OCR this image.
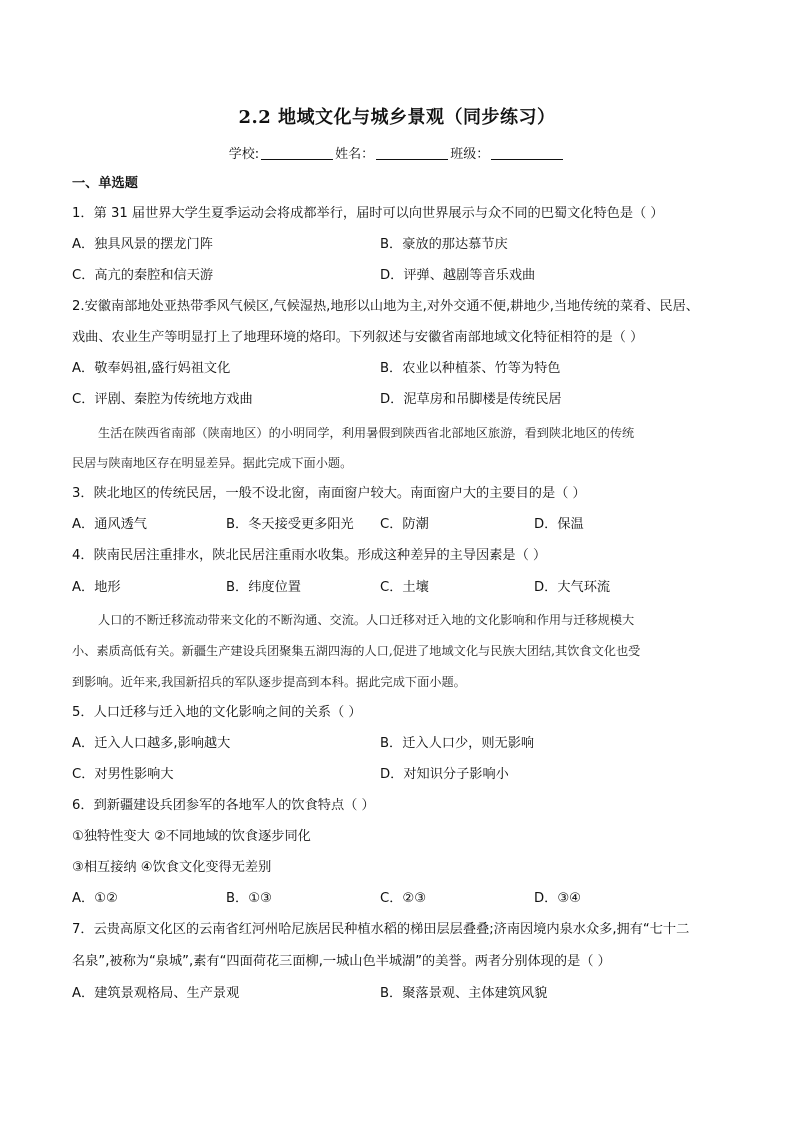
2.2 地域文化与城乡景观（同步练习）
学校:	姓名：	班级：
一、单选题
1．第 31 届世界大学生夏季运动会将成都举行，届时可以向世界展示与众不同的巴蜀文化特色是（ ）
A．独具风景的摆龙门阵	B．豪放的那达慕节庆
C．高亢的秦腔和信天游	D．评弹、越剧等音乐戏曲
2.安徽南部地处亚热带季风气候区,气候湿热,地形以山地为主,对外交通不便,耕地少,当地传统的菜肴、民居、
戏曲、农业生产等明显打上了地理环境的烙印。下列叙述与安徽省南部地域文化特征相符的是（ ）
A．敬奉妈祖,盛行妈祖文化	B．农业以种植茶、竹等为特色
C．评剧、秦腔为传统地方戏曲	D．泥草房和吊脚楼是传统民居
生活在陕西省南部（陕南地区）的小明同学，利用暑假到陕西省北部地区旅游，看到陕北地区的传统
民居与陕南地区存在明显差异。据此完成下面小题。
3．陕北地区的传统民居，一般不设北窗，南面窗户较大。南面窗户大的主要目的是（ ）
A．通风透气	B．冬天接受更多阳光 C．防潮	D．保温
4．陕南民居注重排水，陕北民居注重雨水收集。形成这种差异的主导因素是（ ）
A．地形	B．纬度位置	C．土壤	D．大气环流
人口的不断迁移流动带来文化的不断沟通、交流。人口迁移对迁入地的文化影响和作用与迁移规模大
小、素质高低有关。新疆生产建设兵团聚集五湖四海的人口,促进了地域文化与民族大团结,其饮食文化也受
到影响。近年来,我国新招兵的军队逐步提高到本科。据此完成下面小题。
5．人口迁移与迁入地的文化影响之间的关系（ ）
A．迁入人口越多,影响越大	B．迁入人口少，则无影响
C．对男性影响大	D．对知识分子影响小
6．到新疆建设兵团参军的各地军人的饮食特点（ ）
①独特性变大 ②不同地域的饮食逐步同化
③相互接纳 ④饮食文化变得无差别
A．①②	B．①③	C．②③	D．③④
7．云贵高原文化区的云南省红河州哈尼族居民种植水稻的梯田层层叠叠;济南因境内泉水众多,拥有“七十二
名泉”,被称为“泉城”,素有“四面荷花三面柳,一城山色半城湖”的美誉。两者分别体现的是（ ）
A．建筑景观格局、生产景观	B．聚落景观、主体建筑风貌
